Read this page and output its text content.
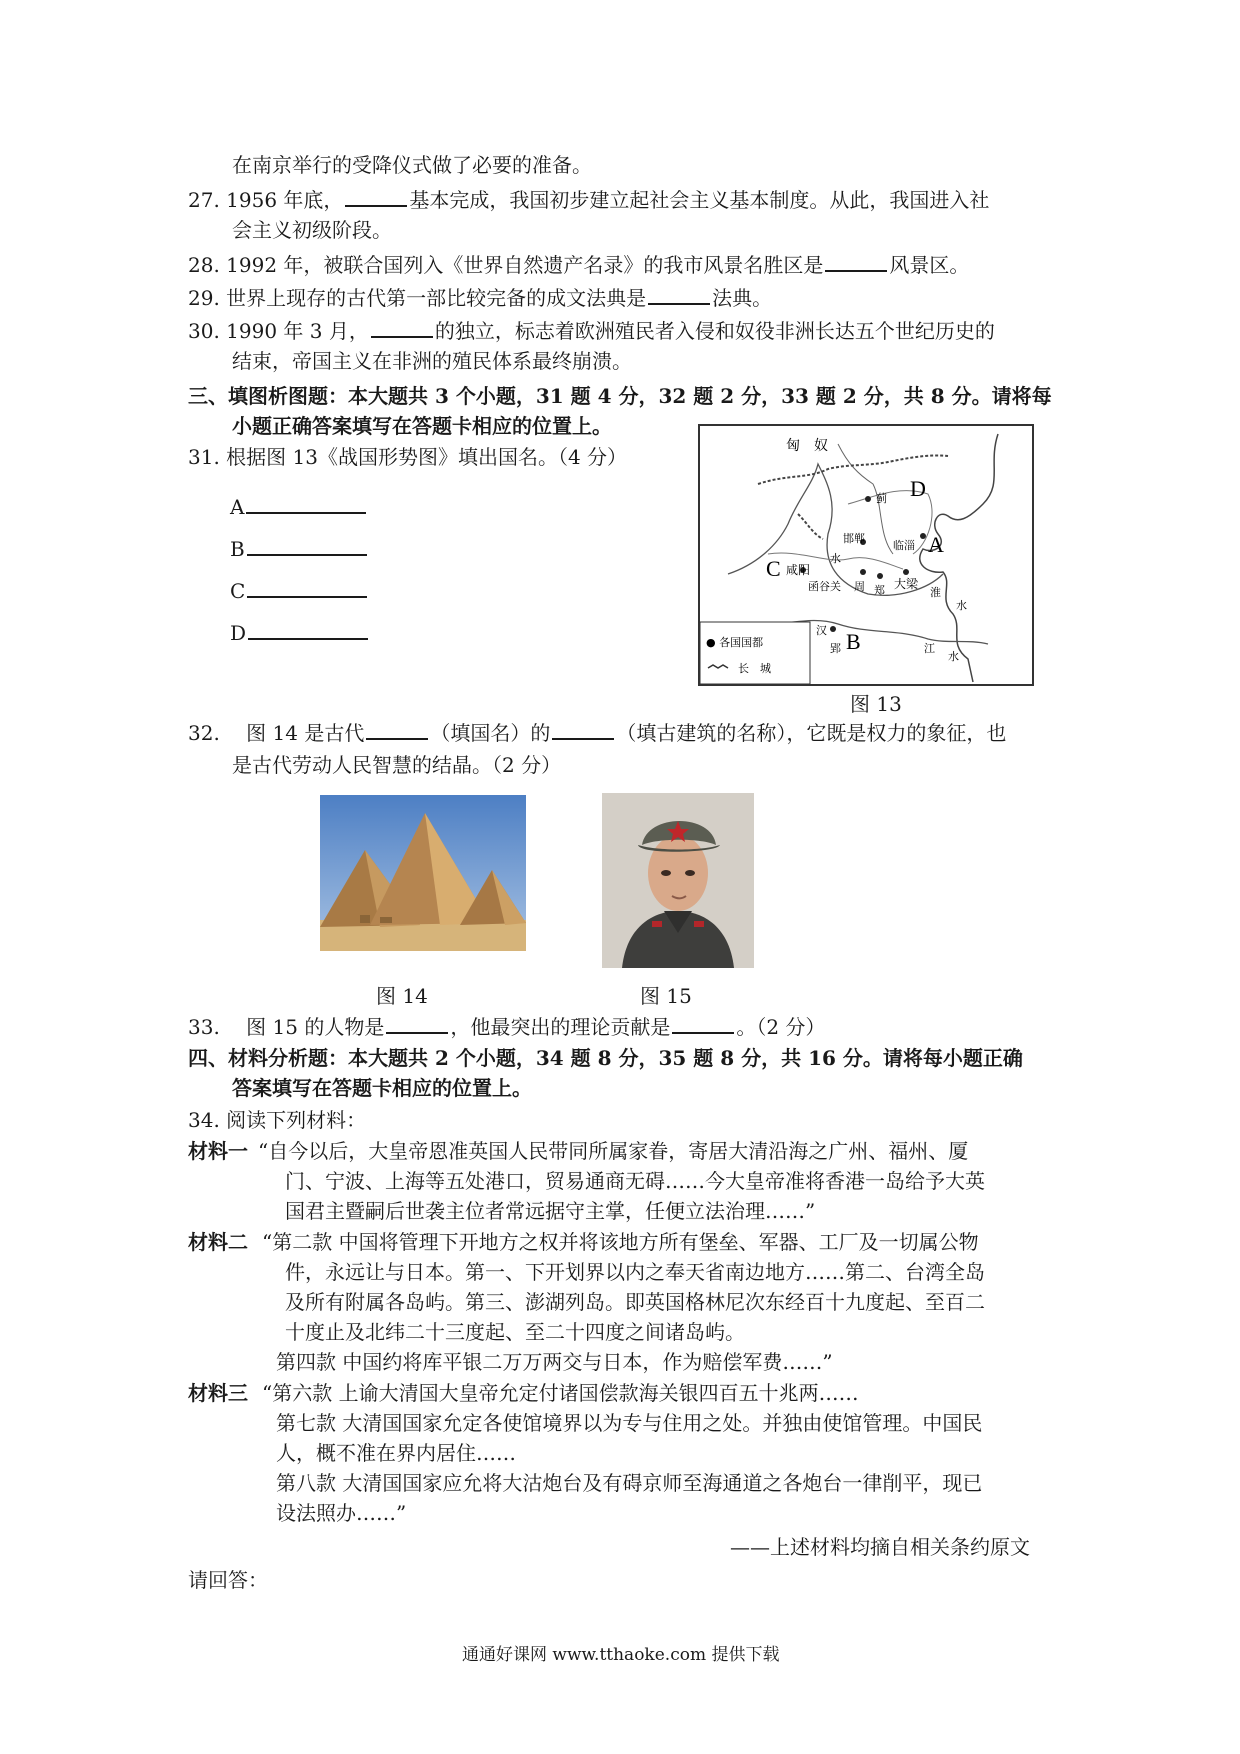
在南京举行的受降仪式做了必要的准备。
27. 1956 年底，	基本完成，我国初步建立起社会主义基本制度。从此，我国进入社
会主义初级阶段。
28. 1992 年，被联合国列入《世界自然遗产名录》的我市风景名胜区是	风景区。
29. 世界上现存的古代第一部比较完备的成文法典是	法典。
30. 1990 年 3 月，	的独立，标志着欧洲殖民者入侵和奴役非洲长达五个世纪历史的
结束，帝国主义在非洲的殖民体系最终崩溃。
三、填图析图题：本大题共 3 个小题，31 题 4 分，32 题 2 分，33 题 2 分，共 8 分。请将每
小题正确答案填写在答题卡相应的位置上。
31. 根据图 13《战国形势图》填出国名。（4 分）
A
B
C
D
匈　奴
D
蓟
邯郸
临淄 A
水
C 咸阳
函谷关 周 郑 大梁
淮
水
B
汉
郢	江
水
● 各国国都
长　城
图 13
32. 　图 14 是古代	（填国名）的	（填古建筑的名称），它既是权力的象征，也
是古代劳动人民智慧的结晶。（2 分）
图 14	图 15
33. 　图 15 的人物是	，他最突出的理论贡献是	。（2 分）
四、材料分析题：本大题共 2 个小题，34 题 8 分，35 题 8 分，共 16 分。请将每小题正确
答案填写在答题卡相应的位置上。
34. 阅读下列材料：
材料一 “自今以后，大皇帝恩准英国人民带同所属家眷，寄居大清沿海之广州、福州、厦
门、宁波、上海等五处港口，贸易通商无碍……今大皇帝准将香港一岛给予大英
国君主暨嗣后世袭主位者常远据守主掌，任便立法治理……”
材料二 “第二款 中国将管理下开地方之权并将该地方所有堡垒、军器、工厂及一切属公物
件，永远让与日本。第一、下开划界以内之奉天省南边地方……第二、台湾全岛
及所有附属各岛屿。第三、澎湖列岛。即英国格林尼次东经百十九度起、至百二
十度止及北纬二十三度起、至二十四度之间诸岛屿。
第四款 中国约将库平银二万万两交与日本，作为赔偿军费……”
材料三 “第六款 上谕大清国大皇帝允定付诸国偿款海关银四百五十兆两……
第七款 大清国国家允定各使馆境界以为专与住用之处。并独由使馆管理。中国民
人，概不准在界内居住……
第八款 大清国国家应允将大沽炮台及有碍京师至海通道之各炮台一律削平，现已
设法照办……”
——上述材料均摘自相关条约原文
请回答：
通通好课网 www.tthaoke.com 提供下载
